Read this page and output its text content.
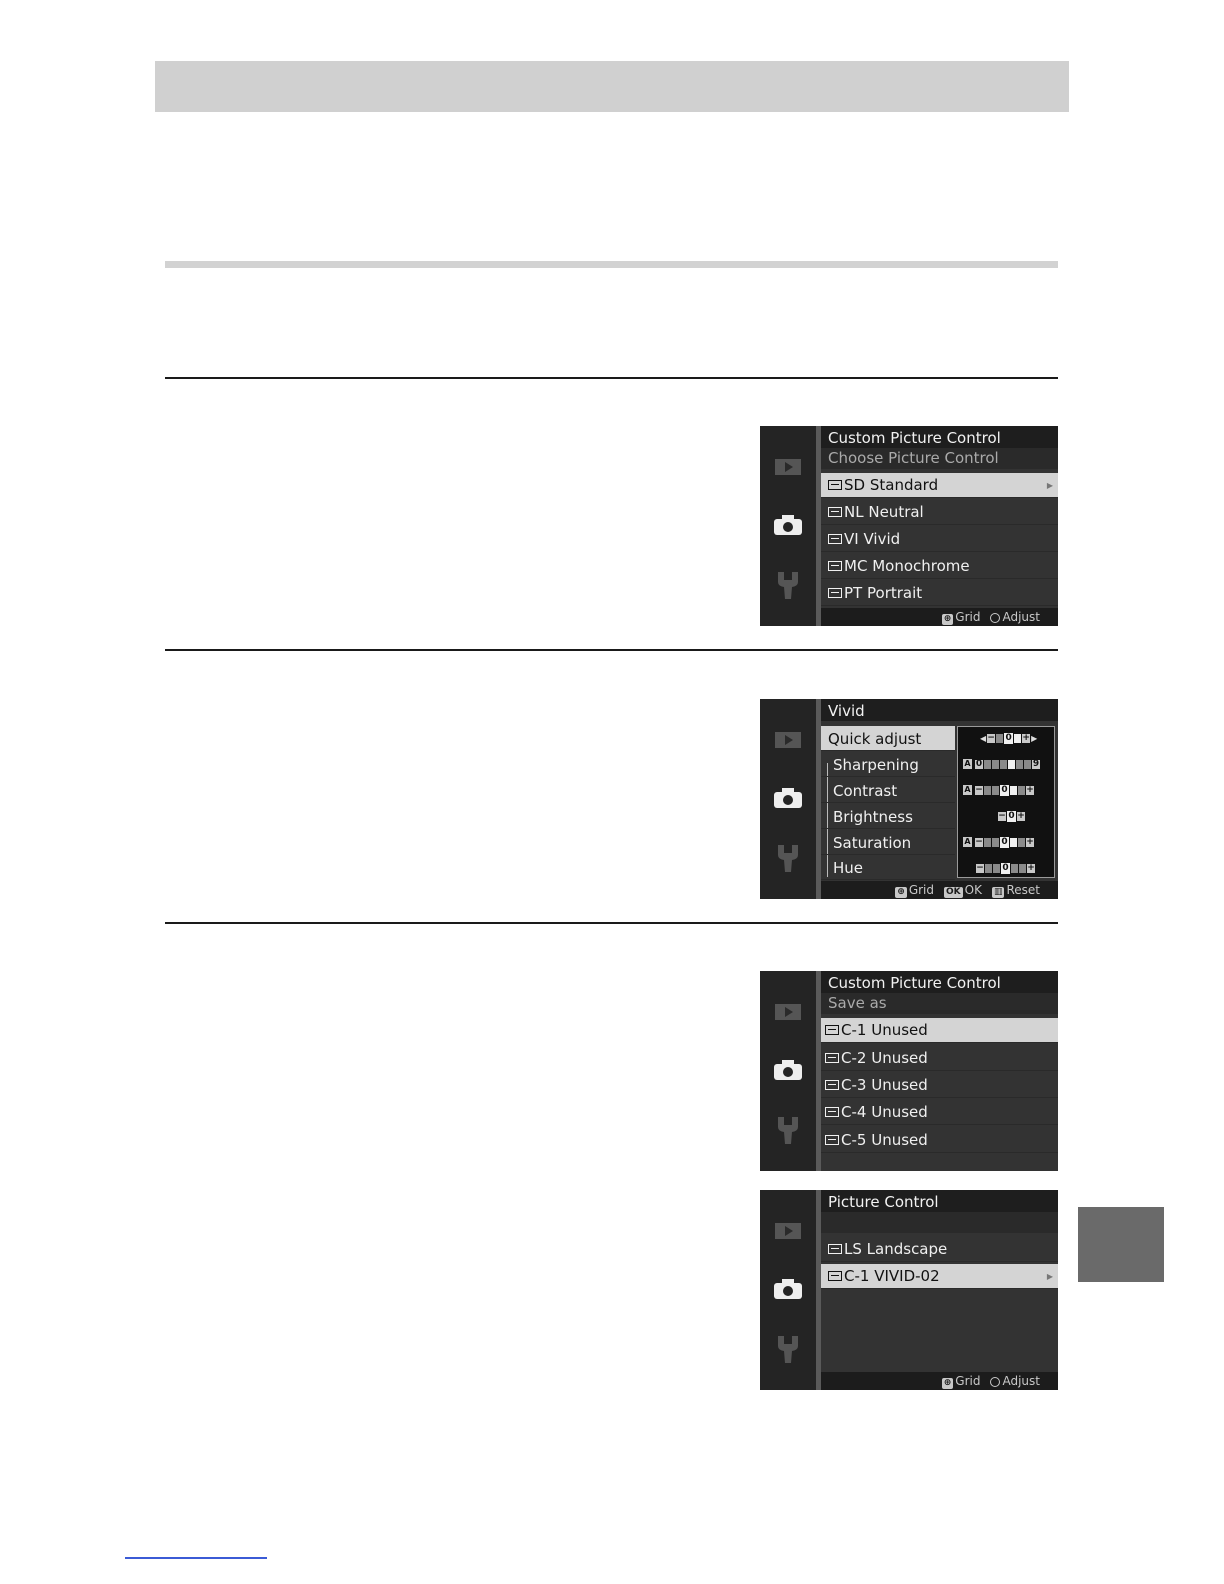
Custom Picture Control
Choose Picture Control
SD
Standard	▶
NL
Neutral
VI
Vivid
MC
Monochrome
PT
Portrait
⊕ Grid	Adjust
Vivid
Quick adjust
Sharpening
Contrast
Brightness
Saturation
Hue
◀ − 0 + ▶
A 0	9
A − 0 +
− 0 +
A − 0 +
− 0 +
⊕ Grid OK OK ▥ Reset
Custom Picture Control
Save as
C-1
Unused
C-2
Unused
C-3
Unused
C-4
Unused
C-5
Unused
Picture Control
LS
Landscape
C-1
VIVID-02	▶
⊕ Grid	Adjust
